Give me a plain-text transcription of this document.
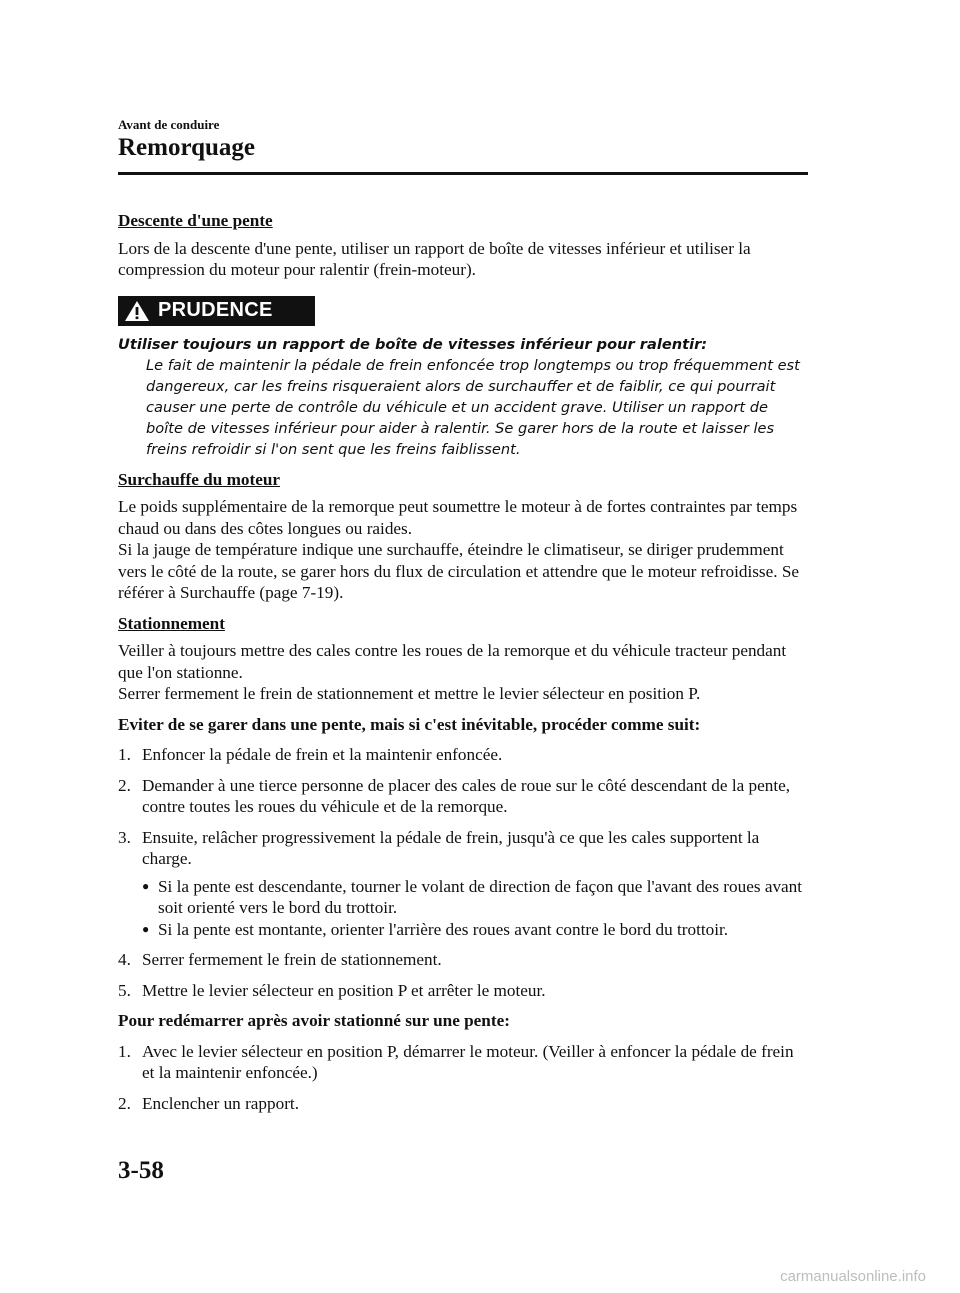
Avant de conduire
Remorquage
Descente d'une pente
Lors de la descente d'une pente, utiliser un rapport de boîte de vitesses inférieur et utiliser la compression du moteur pour ralentir (frein-moteur).
PRUDENCE
Utiliser toujours un rapport de boîte de vitesses inférieur pour ralentir:
Le fait de maintenir la pédale de frein enfoncée trop longtemps ou trop fréquemment est dangereux, car les freins risqueraient alors de surchauffer et de faiblir, ce qui pourrait causer une perte de contrôle du véhicule et un accident grave. Utiliser un rapport de boîte de vitesses inférieur pour aider à ralentir. Se garer hors de la route et laisser les freins refroidir si l'on sent que les freins faiblissent.
Surchauffe du moteur
Le poids supplémentaire de la remorque peut soumettre le moteur à de fortes contraintes par temps chaud ou dans des côtes longues ou raides.
Si la jauge de température indique une surchauffe, éteindre le climatiseur, se diriger prudemment vers le côté de la route, se garer hors du flux de circulation et attendre que le moteur refroidisse. Se référer à Surchauffe (page 7-19).
Stationnement
Veiller à toujours mettre des cales contre les roues de la remorque et du véhicule tracteur pendant que l'on stationne.
Serrer fermement le frein de stationnement et mettre le levier sélecteur en position P.
Eviter de se garer dans une pente, mais si c'est inévitable, procéder comme suit:
1. Enfoncer la pédale de frein et la maintenir enfoncée.
2. Demander à une tierce personne de placer des cales de roue sur le côté descendant de la pente, contre toutes les roues du véhicule et de la remorque.
3. Ensuite, relâcher progressivement la pédale de frein, jusqu'à ce que les cales supportent la charge.
● Si la pente est descendante, tourner le volant de direction de façon que l'avant des roues avant soit orienté vers le bord du trottoir.
● Si la pente est montante, orienter l'arrière des roues avant contre le bord du trottoir.
4. Serrer fermement le frein de stationnement.
5. Mettre le levier sélecteur en position P et arrêter le moteur.
Pour redémarrer après avoir stationné sur une pente:
1. Avec le levier sélecteur en position P, démarrer le moteur. (Veiller à enfoncer la pédale de frein et la maintenir enfoncée.)
2. Enclencher un rapport.
3-58
carmanualsonline.info
